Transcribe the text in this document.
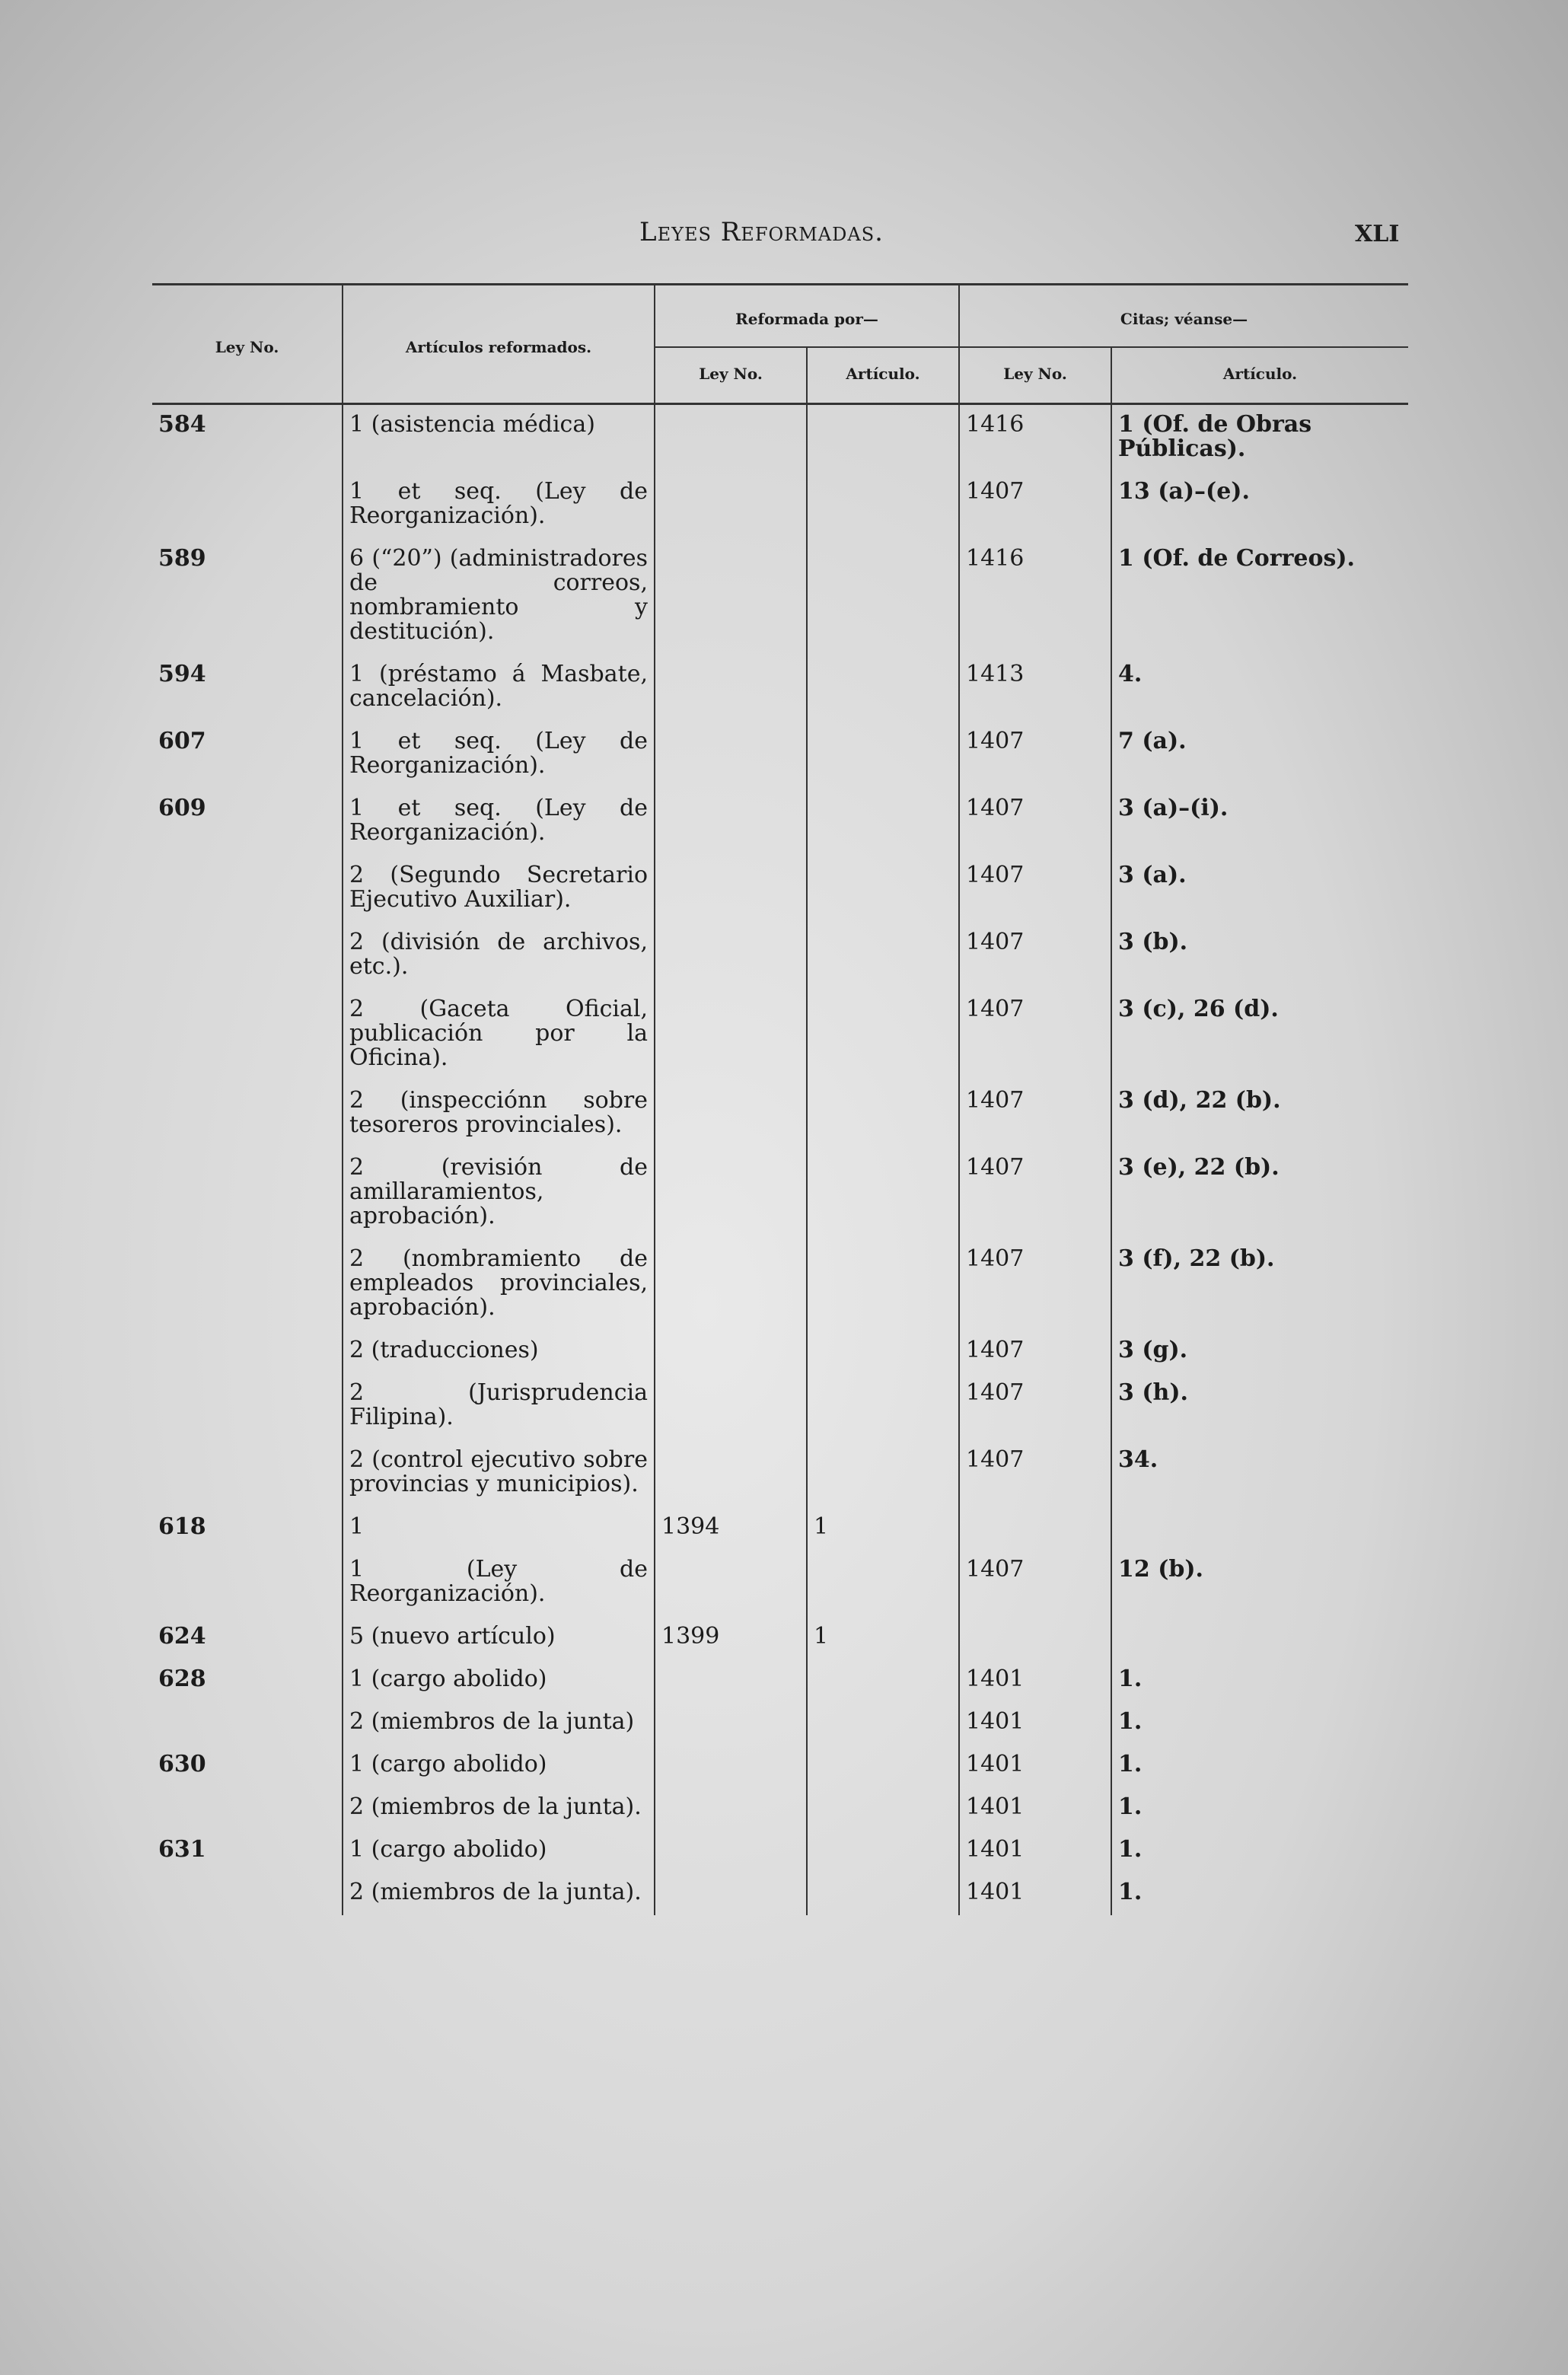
Leyes Reformadas.	XLI
Ley No.	Artículos reformados.	Reformada por—		Citas; véanse—	
		Ley No.	Artículo.	Ley No.	Artículo.
584	1 (asistencia médica)			1416	1 (Of. de Obras Públicas).
	1 et seq. (Ley de Reorganización).			1407	13 (a)–(e).
589	6 (“20”) (administradores de correos, nombramiento y destitución).			1416	1 (Of. de Correos).
594	1 (préstamo á Masbate, cancelación).			1413	4.
607	1 et seq. (Ley de Reorganización).			1407	7 (a).
609	1 et seq. (Ley de Reorganización).			1407	3 (a)–(i).
	2 (Segundo Secretario Ejecutivo Auxiliar).			1407	3 (a).
	2 (división de archivos, etc.).			1407	3 (b).
	2 (Gaceta Oficial, publicación por la Oficina).			1407	3 (c), 26 (d).
	2 (inspecciónn sobre tesoreros provinciales).			1407	3 (d), 22 (b).
	2 (revisión de amillaramientos, aprobación).			1407	3 (e), 22 (b).
	2 (nombramiento de empleados provinciales, aprobación).			1407	3 (f), 22 (b).
	2 (traducciones)			1407	3 (g).
	2 (Jurisprudencia Filipina).			1407	3 (h).
	2 (control ejecutivo sobre provincias y municipios).			1407	34.
618	1	1394	1		
	1 (Ley de Reorganización).			1407	12 (b).
624	5 (nuevo artículo)	1399	1		
628	1 (cargo abolido)			1401	1.
	2 (miembros de la junta)			1401	1.
630	1 (cargo abolido)			1401	1.
	2 (miembros de la junta).			1401	1.
631	1 (cargo abolido)			1401	1.
	2 (miembros de la junta).			1401	1.
